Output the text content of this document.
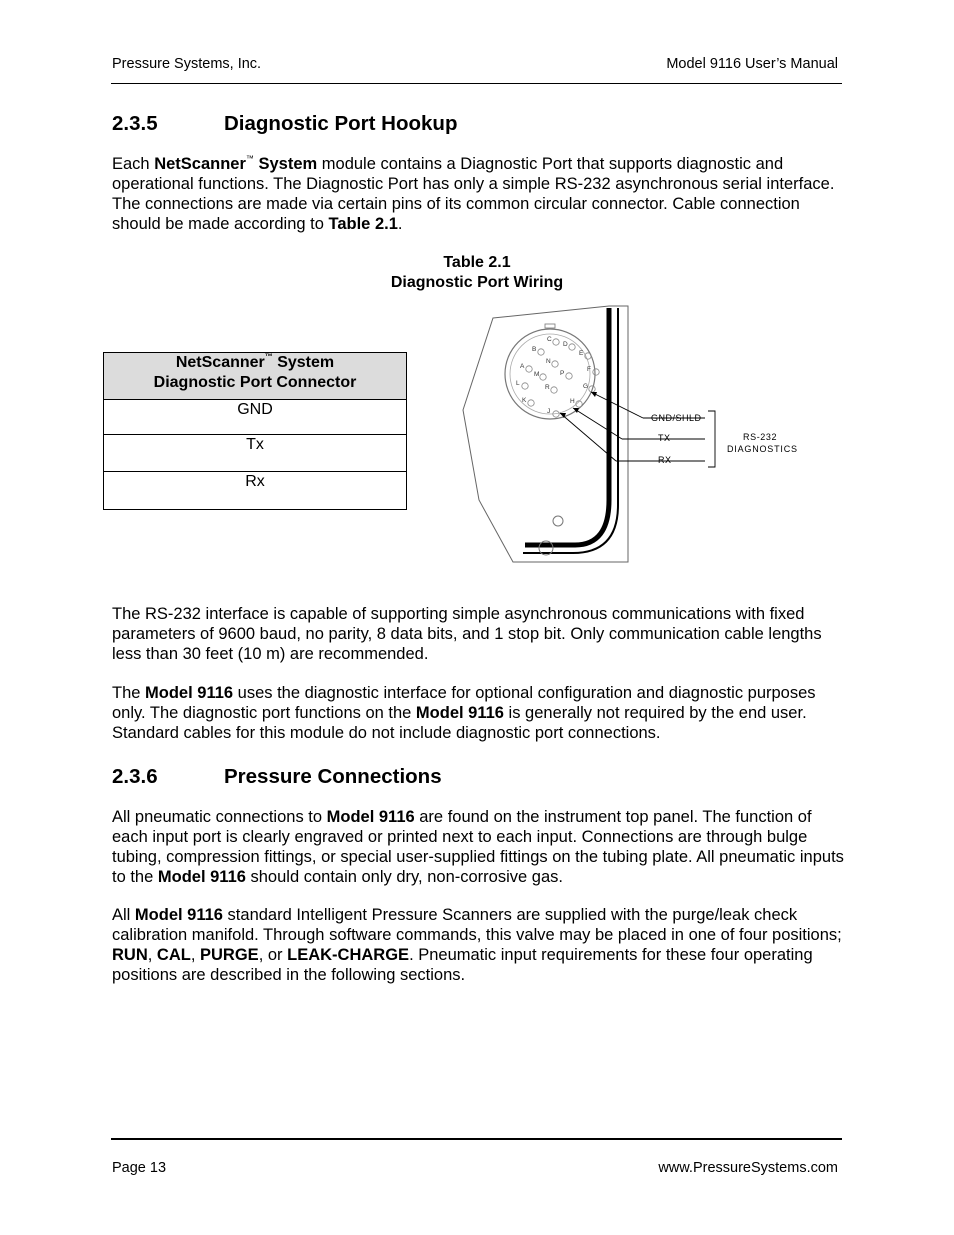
Pressure Systems, Inc.	Model 9116 User’s Manual
2.3.5	Diagnostic Port Hookup

Each NetScanner™ System module contains a Diagnostic Port that supports diagnostic and operational functions. The Diagnostic Port has only a simple RS-232 asynchronous serial interface. The connections are made via certain pins of its common circular connector. Cable connection should be made according to Table 2.1.

Table 2.1
Diagnostic Port Wiring
NetScanner™ System
Diagnostic Port Connector
GND
Tx
Rx
A
B
C
D
E
F
G
H
J
K
L
M
N
P
R
GND/SHLD
TX
RX
RS-232
DIAGNOSTICS

The RS-232 interface is capable of supporting simple asynchronous communications with fixed parameters of 9600 baud, no parity, 8 data bits, and 1 stop bit. Only communication cable lengths less than 30 feet (10 m) are recommended.

The Model 9116 uses the diagnostic interface for optional configuration and diagnostic purposes only. The diagnostic port functions on the Model 9116 is generally not required by the end user. Standard cables for this module do not include diagnostic port connections.

2.3.6	Pressure Connections

All pneumatic connections to Model 9116 are found on the instrument top panel. The function of each input port is clearly engraved or printed next to each input. Connections are through bulge tubing, compression fittings, or special user-supplied fittings on the tubing plate. All pneumatic inputs to the Model 9116 should contain only dry, non-corrosive gas.

All Model 9116 standard Intelligent Pressure Scanners are supplied with the purge/leak check calibration manifold. Through software commands, this valve may be placed in one of four positions; RUN, CAL, PURGE, or LEAK-CHARGE. Pneumatic input requirements for these four operating positions are described in the following sections.

Page 13	www.PressureSystems.com
